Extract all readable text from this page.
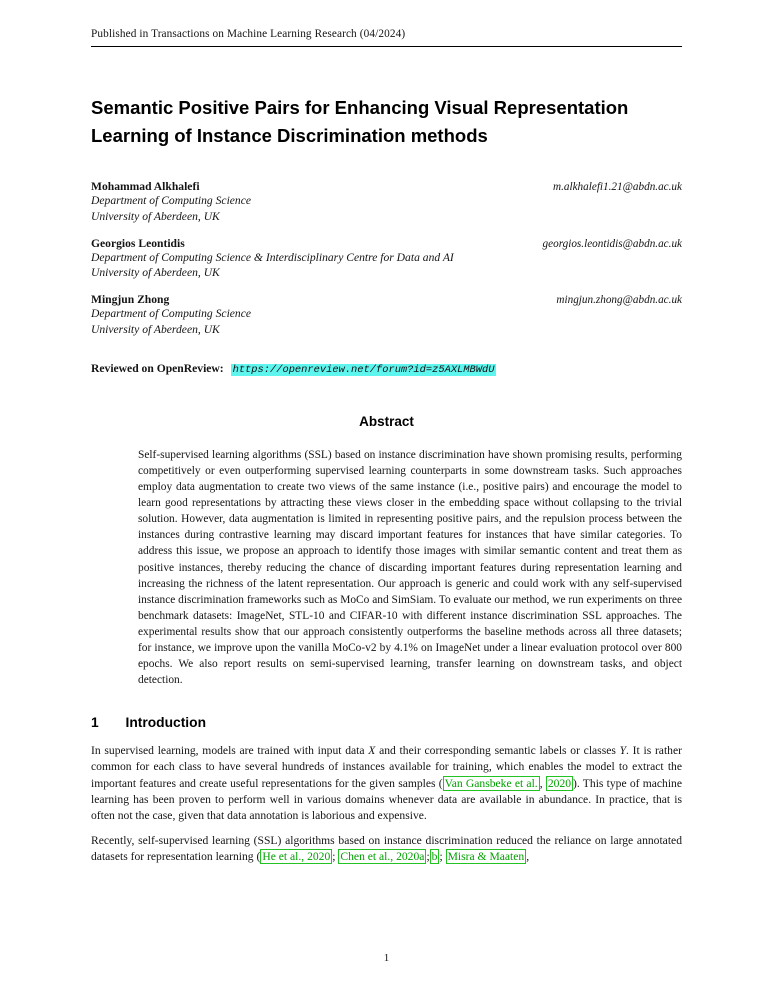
Published in Transactions on Machine Learning Research (04/2024)
Semantic Positive Pairs for Enhancing Visual Representation Learning of Instance Discrimination methods
Mohammad Alkhalefi	m.alkhalefi1.21@abdn.ac.uk
Department of Computing Science
University of Aberdeen, UK
Georgios Leontidis	georgios.leontidis@abdn.ac.uk
Department of Computing Science & Interdisciplinary Centre for Data and AI
University of Aberdeen, UK
Mingjun Zhong	mingjun.zhong@abdn.ac.uk
Department of Computing Science
University of Aberdeen, UK
Reviewed on OpenReview: https://openreview.net/forum?id=z5AXLMBWdU
Abstract

Self-supervised learning algorithms (SSL) based on instance discrimination have shown promising results, performing competitively or even outperforming supervised learning counterparts in some downstream tasks. Such approaches employ data augmentation to create two views of the same instance (i.e., positive pairs) and encourage the model to learn good representations by attracting these views closer in the embedding space without collapsing to the trivial solution. However, data augmentation is limited in representing positive pairs, and the repulsion process between the instances during contrastive learning may discard important features for instances that have similar categories. To address this issue, we propose an approach to identify those images with similar semantic content and treat them as positive instances, thereby reducing the chance of discarding important features during representation learning and increasing the richness of the latent representation. Our approach is generic and could work with any self-supervised instance discrimination frameworks such as MoCo and SimSiam. To evaluate our method, we run experiments on three benchmark datasets: ImageNet, STL-10 and CIFAR-10 with different instance discrimination SSL approaches. The experimental results show that our approach consistently outperforms the baseline methods across all three datasets; for instance, we improve upon the vanilla MoCo-v2 by 4.1% on ImageNet under a linear evaluation protocol over 800 epochs. We also report results on semi-supervised learning, transfer learning on downstream tasks, and object detection.

1 Introduction

In supervised learning, models are trained with input data X and their corresponding semantic labels or classes Y. It is rather common for each class to have several hundreds of instances available for training, which enables the model to extract the important features and create useful representations for the given samples ( Van Gansbeke et al. , 2020 ). This type of machine learning has been proven to perform well in various domains whenever data are available in abundance. In practice, that is often not the case, given that data annotation is laborious and expensive.

Recently, self-supervised learning (SSL) algorithms based on instance discrimination reduced the reliance on large annotated datasets for representation learning ( He et al., 2020 ; Chen et al., 2020a ; b ; Misra & Maaten ,

1
